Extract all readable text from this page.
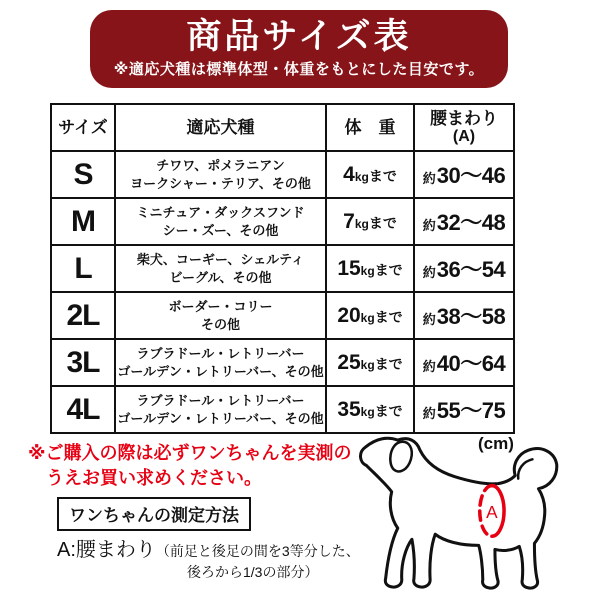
商品サイズ表
※適応犬種は標準体型・体重をもとにした目安です。
サイズ	適応犬種	体　重	腰まわり
(A)

S	チワワ、ポメラニアン
ヨークシャー・テリア、その他	4kgまで	約30〜46
M	ミニチュア・ダックスフンド
シー・ズー、その他	7kgまで	約32〜48
L	柴犬、コーギー、シェルティ
ビーグル、その他	15kgまで	約36〜54
2L	ボーダー・コリー
その他	20kgまで	約38〜58
3L	ラブラドール・レトリーバー
ゴールデン・レトリーバー、その他	25kgまで	約40〜64
4L	ラブラドール・レトリーバー
ゴールデン・レトリーバー、その他	35kgまで	約55〜75
※ご購入の際は必ずワンちゃんを実測の
うえお買い求めください。
(cm)
ワンちゃんの測定方法
A:腰まわり（前足と後足の間を3等分した、
後ろから1/3の部分）
A
